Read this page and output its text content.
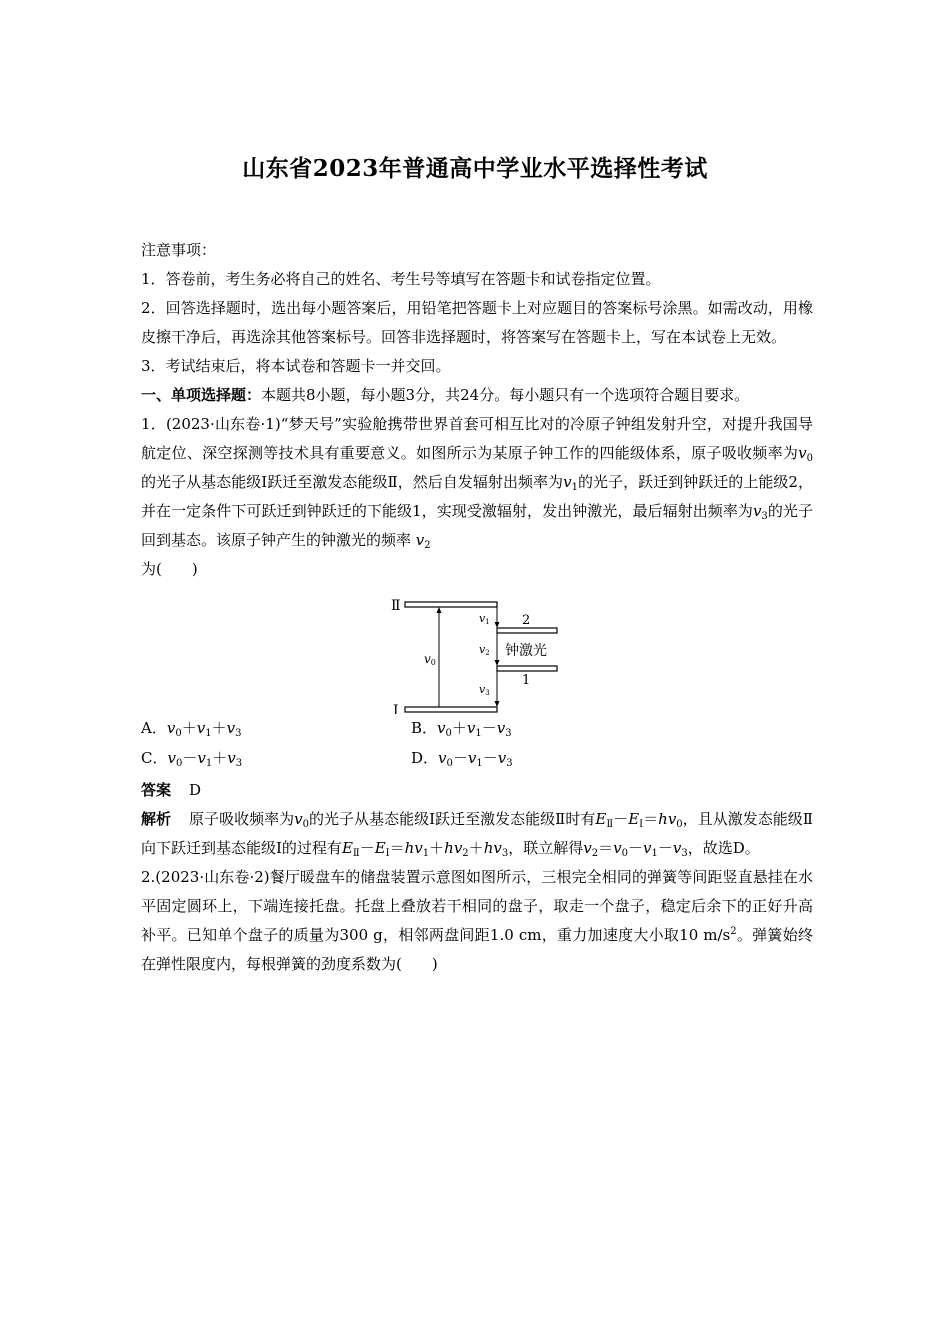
山东省2023年普通高中学业水平选择性考试

注意事项：

1．答卷前，考生务必将自己的姓名、考生号等填写在答题卡和试卷指定位置。

2．回答选择题时，选出每小题答案后，用铅笔把答题卡上对应题目的答案标号涂黑。如需改动，用橡皮擦干净后，再选涂其他答案标号。回答非选择题时，将答案写在答题卡上，写在本试卷上无效。

3．考试结束后，将本试卷和答题卡一并交回。

一、单项选择题：本题共8小题，每小题3分，共24分。每小题只有一个选项符合题目要求。

1．(2023·山东卷·1)“梦天号”实验舱携带世界首套可相互比对的冷原子钟组发射升空，对提升我国导航定位、深空探测等技术具有重要意义。如图所示为某原子钟工作的四能级体系，原子吸收频率为$v_0$的光子从基态能级Ⅰ跃迁至激发态能级Ⅱ，然后自发辐射出频率为$v_1$的光子，跃迁到钟跃迁的上能级2，并在一定条件下可跃迁到钟跃迁的下能级1，实现受激辐射，发出钟激光，最后辐射出频率为$v_3$的光子回到基态。该原子钟产生的钟激光的频率 $v_2$
为(　　)

Ⅱ
Ⅰ
2
1
v0
v1
v2 钟激光
v3
A．$v_0+v_1+v_3$	B．$v_0+v_1-v_3$
C．$v_0-v_1+v_3$	D．$v_0-v_1-v_3$

答案 D

解析 原子吸收频率为$v_0$的光子从基态能级Ⅰ跃迁至激发态能级Ⅱ时有$E_Ⅱ-E_Ⅰ=hv_0$，且从激发态能级Ⅱ向下跃迁到基态能级Ⅰ的过程有$E_Ⅱ-E_Ⅰ=hv_1+hv_2+hv_3$，联立解得$v_2=v_0-v_1-v_3$，故选D。

2.(2023·山东卷·2)餐厅暖盘车的储盘装置示意图如图所示，三根完全相同的弹簧等间距竖直悬挂在水平固定圆环上，下端连接托盘。托盘上叠放若干相同的盘子，取走一个盘子，稳定后余下的正好升高补平。已知单个盘子的质量为300 g，相邻两盘间距1.0 cm，重力加速度大小取10 $m/s^2$。弹簧始终在弹性限度内，每根弹簧的劲度系数为(　　)
